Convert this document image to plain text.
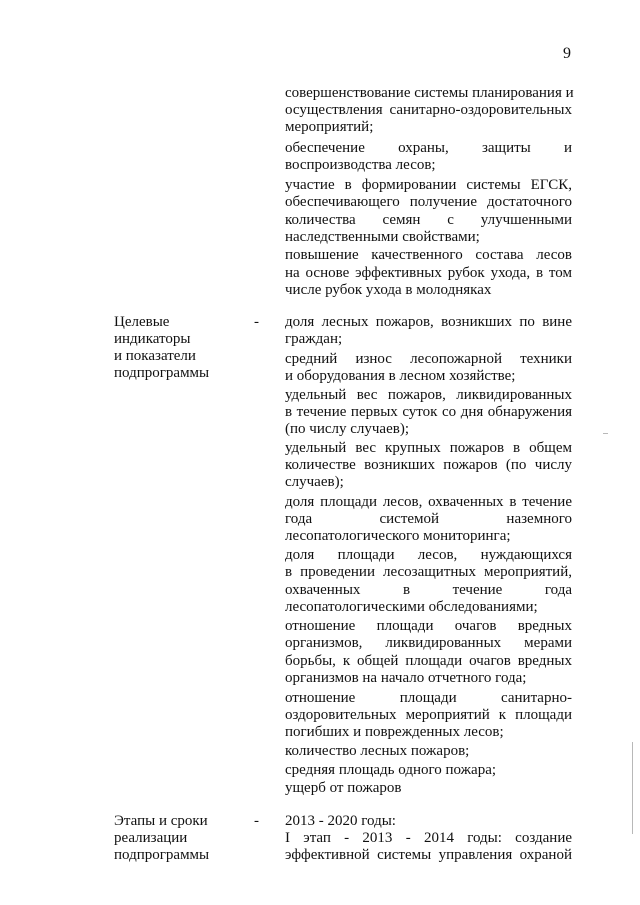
9
совершенствование системы планирования и
осуществления санитарно-оздоровительных
мероприятий;
обеспечение охраны, защиты и
воспроизводства лесов;
участие в формировании системы ЕГСК,
обеспечивающего получение достаточного
количества семян с улучшенными
наследственными свойствами;
повышение качественного состава лесов
на основе эффективных рубок ухода, в том
числе рубок ухода в молодняках
Целевые
индикаторы
и показатели
подпрограммы
- доля лесных пожаров, возникших по вине
граждан;
средний износ лесопожарной техники
и оборудования в лесном хозяйстве;
удельный вес пожаров, ликвидированных
в течение первых суток со дня обнаружения
(по числу случаев);
удельный вес крупных пожаров в общем
количестве возникших пожаров (по числу
случаев);
доля площади лесов, охваченных в течение
года системой наземного
лесопатологического мониторинга;
доля площади лесов, нуждающихся
в проведении лесозащитных мероприятий,
охваченных в течение года
лесопатологическими обследованиями;
отношение площади очагов вредных
организмов, ликвидированных мерами
борьбы, к общей площади очагов вредных
организмов на начало отчетного года;
отношение площади санитарно-
оздоровительных мероприятий к площади
погибших и поврежденных лесов;
количество лесных пожаров;
средняя площадь одного пожара;
ущерб от пожаров
Этапы и сроки
реализации
подпрограммы
- 2013 - 2020 годы:
I этап - 2013 - 2014 годы: создание
эффективной системы управления охраной
